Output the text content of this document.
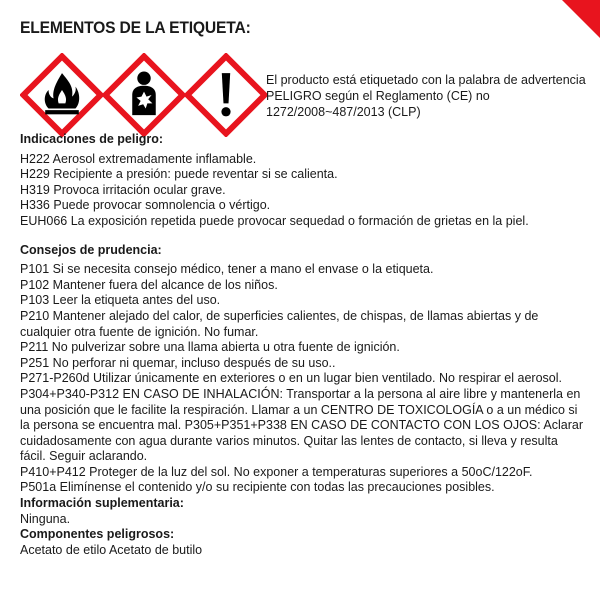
ELEMENTOS DE LA ETIQUETA:
El producto está etiquetado con la palabra de advertencia PELIGRO según el Reglamento (CE) no 1272/2008~487/2013 (CLP)
Indicaciones de peligro:
H222 Aerosol extremadamente inflamable.
H229 Recipiente a presión: puede reventar si se calienta.
H319 Provoca irritación ocular grave.
H336 Puede provocar somnolencia o vértigo.
EUH066 La exposición repetida puede provocar sequedad o formación de grietas en la piel.
Consejos de prudencia:
P101 Si se necesita consejo médico, tener a mano el envase o la etiqueta.
P102 Mantener fuera del alcance de los niños.
P103 Leer la etiqueta antes del uso.
P210 Mantener alejado del calor, de superficies calientes, de chispas, de llamas abiertas y de cualquier otra fuente de ignición. No fumar.
P211 No pulverizar sobre una llama abierta u otra fuente de ignición.
P251 No perforar ni quemar, incluso después de su uso..
P271-P260d Utilizar únicamente en exteriores o en un lugar bien ventilado. No respirar el aerosol.
P304+P340-P312 EN CASO DE INHALACIÓN: Transportar a la persona al aire libre y mantenerla en una posición que le facilite la respiración. Llamar a un CENTRO DE TOXICOLOGÍA o a un médico si la persona se encuentra mal. P305+P351+P338 EN CASO DE CONTACTO CON LOS OJOS: Aclarar cuidadosamente con agua durante varios minutos. Quitar las lentes de contacto, si lleva y resulta fácil. Seguir aclarando.
P410+P412 Proteger de la luz del sol. No exponer a temperaturas superiores a 50oC/122oF.
P501a Elimínense el contenido y/o su recipiente con todas las precauciones posibles.
Información suplementaria:
Ninguna.
Componentes peligrosos:
Acetato de etilo Acetato de butilo
